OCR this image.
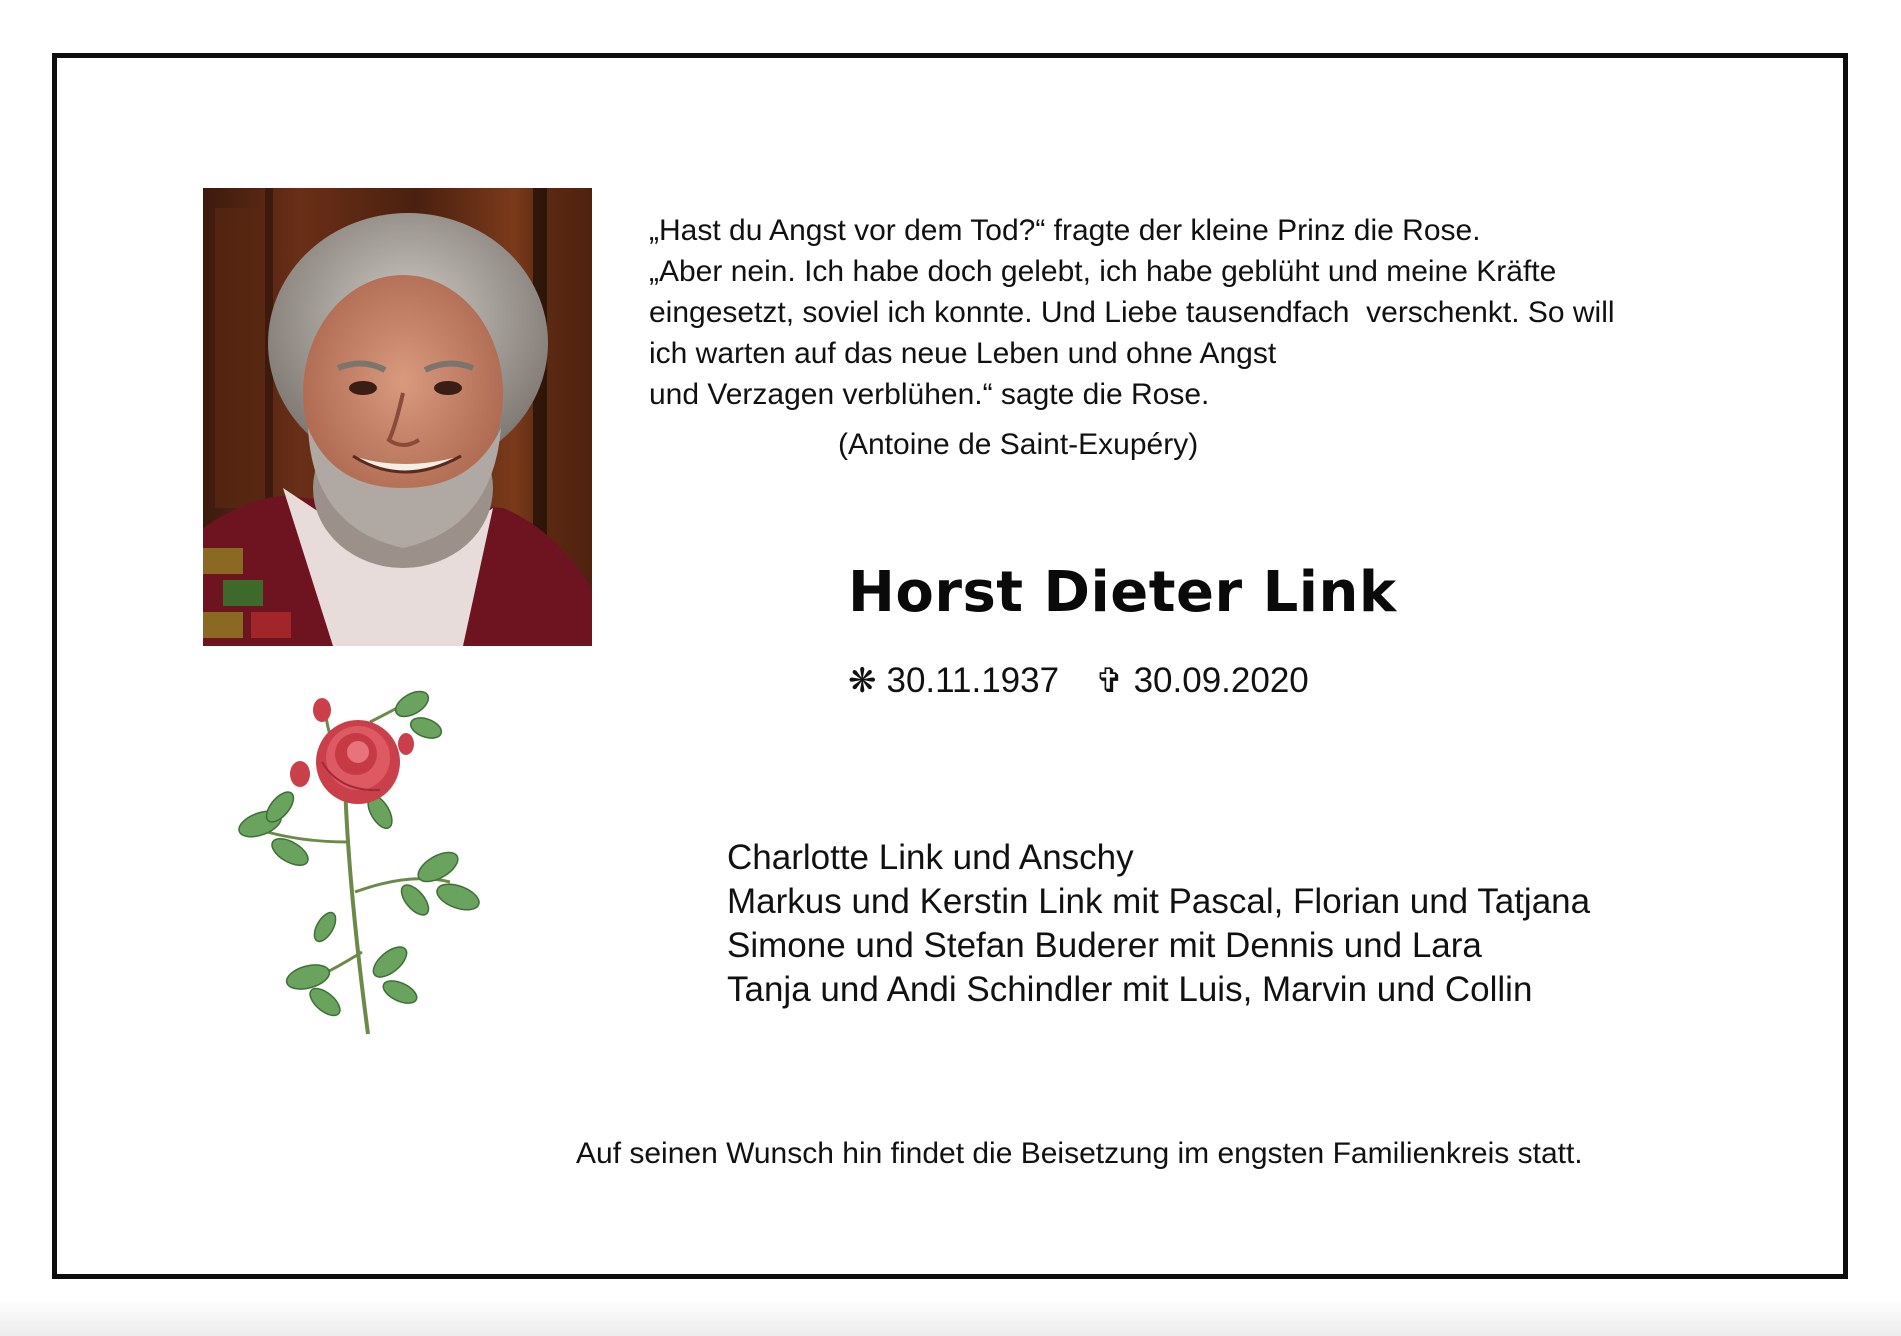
„Hast du Angst vor dem Tod?“ fragte der kleine Prinz die Rose.
„Aber nein. Ich habe doch gelebt, ich habe geblüht und meine Kräfte
eingesetzt, soviel ich konnte. Und Liebe tausendfach  verschenkt. So will
ich warten auf das neue Leben und ohne Angst
und Verzagen verblühen.“ sagte die Rose.
(Antoine de Saint-Exupéry)
Horst Dieter Link
❋ 30.11.1937 ✞ 30.09.2020
Charlotte Link und Anschy
Markus und Kerstin Link mit Pascal, Florian und Tatjana
Simone und Stefan Buderer mit Dennis und Lara
Tanja und Andi Schindler mit Luis, Marvin und Collin
Auf seinen Wunsch hin findet die Beisetzung im engsten Familienkreis statt.
